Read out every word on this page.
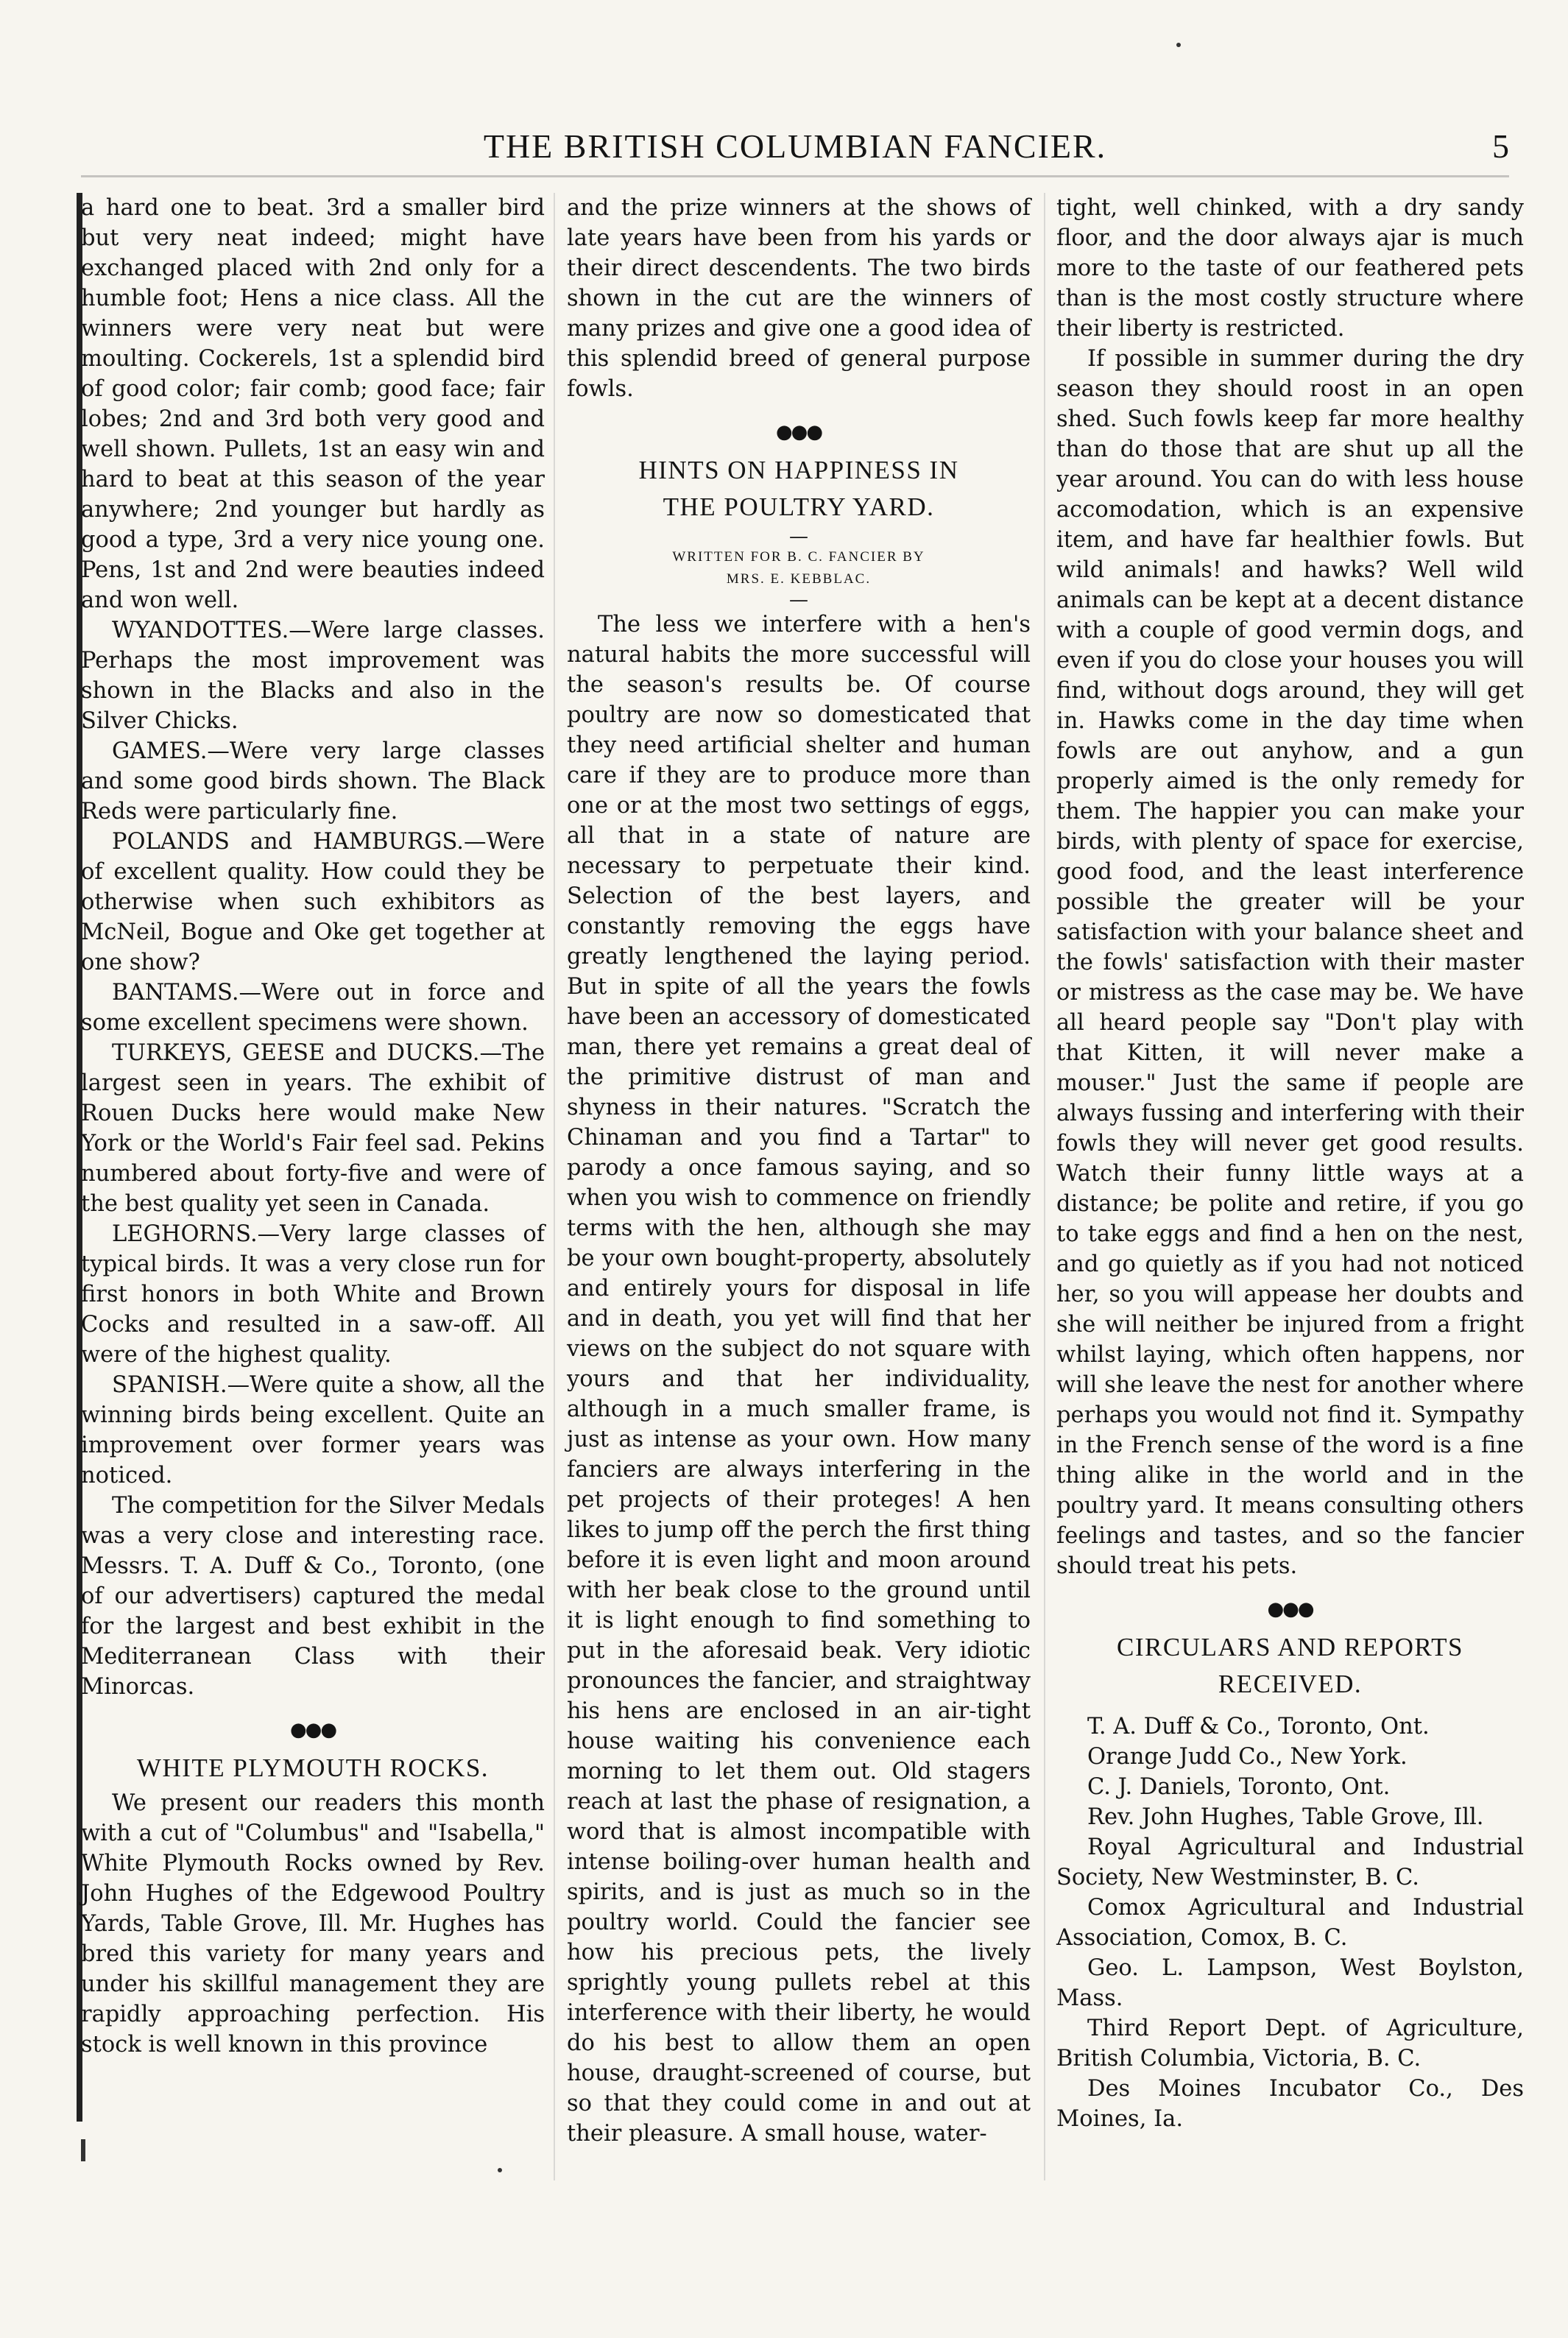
THE BRITISH COLUMBIAN FANCIER.	5

a hard one to beat. 3rd a smaller bird but very neat indeed; might have exchanged placed with 2nd only for a humble foot; Hens a nice class. All the winners were very neat but were moulting. Cockerels, 1st a splendid bird of good color; fair comb; good face; fair lobes; 2nd and 3rd both very good and well shown. Pullets, 1st an easy win and hard to beat at this season of the year anywhere; 2nd younger but hardly as good a type, 3rd a very nice young one. Pens, 1st and 2nd were beauties indeed and won well.

WYANDOTTES.—Were large classes. Perhaps the most improvement was shown in the Blacks and also in the Silver Chicks.

GAMES.—Were very large classes and some good birds shown. The Black Reds were particularly fine.

POLANDS and HAMBURGS.—Were of excellent quality. How could they be otherwise when such exhibitors as McNeil, Bogue and Oke get together at one show?

BANTAMS.—Were out in force and some excellent specimens were shown.

TURKEYS, GEESE and DUCKS.—The largest seen in years. The exhibit of Rouen Ducks here would make New York or the World's Fair feel sad. Pekins numbered about forty-five and were of the best quality yet seen in Canada.

LEGHORNS.—Very large classes of typical birds. It was a very close run for first honors in both White and Brown Cocks and resulted in a saw-off. All were of the highest quality.

SPANISH.—Were quite a show, all the winning birds being excellent. Quite an improvement over former years was noticed.

The competition for the Silver Medals was a very close and interesting race. Messrs. T. A. Duff & Co., Toronto, (one of our advertisers) captured the medal for the largest and best exhibit in the Mediterranean Class with their Minorcas.

●●●
WHITE PLYMOUTH ROCKS.

We present our readers this month with a cut of "Columbus" and "Isabella," White Plymouth Rocks owned by Rev. John Hughes of the Edgewood Poultry Yards, Table Grove, Ill. Mr. Hughes has bred this variety for many years and under his skillful management they are rapidly approaching perfection. His stock is well known in this province

and the prize winners at the shows of late years have been from his yards or their direct descendents. The two birds shown in the cut are the winners of many prizes and give one a good idea of this splendid breed of general purpose fowls.

●●●
HINTS ON HAPPINESS IN
THE POULTRY YARD.
—
WRITTEN FOR B. C. FANCIER BY
MRS. E. KEBBLAC.
—

The less we interfere with a hen's natural habits the more successful will the season's results be. Of course poultry are now so domesticated that they need artificial shelter and human care if they are to produce more than one or at the most two settings of eggs, all that in a state of nature are necessary to perpetuate their kind. Selection of the best layers, and constantly removing the eggs have greatly lengthened the laying period. But in spite of all the years the fowls have been an accessory of domesticated man, there yet remains a great deal of the primitive distrust of man and shyness in their natures. "Scratch the Chinaman and you find a Tartar" to parody a once famous saying, and so when you wish to commence on friendly terms with the hen, although she may be your own bought-property, absolutely and entirely yours for disposal in life and in death, you yet will find that her views on the subject do not square with yours and that her individuality, although in a much smaller frame, is just as intense as your own. How many fanciers are always interfering in the pet projects of their proteges! A hen likes to jump off the perch the first thing before it is even light and moon around with her beak close to the ground until it is light enough to find something to put in the aforesaid beak. Very idiotic pronounces the fancier, and straightway his hens are enclosed in an air-tight house waiting his convenience each morning to let them out. Old stagers reach at last the phase of resignation, a word that is almost incompatible with intense boiling-over human health and spirits, and is just as much so in the poultry world. Could the fancier see how his precious pets, the lively sprightly young pullets rebel at this interference with their liberty, he would do his best to allow them an open house, draught-screened of course, but so that they could come in and out at their pleasure. A small house, water-

tight, well chinked, with a dry sandy floor, and the door always ajar is much more to the taste of our feathered pets than is the most costly structure where their liberty is restricted.

If possible in summer during the dry season they should roost in an open shed. Such fowls keep far more healthy than do those that are shut up all the year around. You can do with less house accomodation, which is an expensive item, and have far healthier fowls. But wild animals! and hawks? Well wild animals can be kept at a decent distance with a couple of good vermin dogs, and even if you do close your houses you will find, without dogs around, they will get in. Hawks come in the day time when fowls are out anyhow, and a gun properly aimed is the only remedy for them. The happier you can make your birds, with plenty of space for exercise, good food, and the least interference possible the greater will be your satisfaction with your balance sheet and the fowls' satisfaction with their master or mistress as the case may be. We have all heard people say "Don't play with that Kitten, it will never make a mouser." Just the same if people are always fussing and interfering with their fowls they will never get good results. Watch their funny little ways at a distance; be polite and retire, if you go to take eggs and find a hen on the nest, and go quietly as if you had not noticed her, so you will appease her doubts and she will neither be injured from a fright whilst laying, which often happens, nor will she leave the nest for another where perhaps you would not find it. Sympathy in the French sense of the word is a fine thing alike in the world and in the poultry yard. It means consulting others feelings and tastes, and so the fancier should treat his pets.

●●●
CIRCULARS AND REPORTS
RECEIVED.

T. A. Duff & Co., Toronto, Ont.

Orange Judd Co., New York.

C. J. Daniels, Toronto, Ont.

Rev. John Hughes, Table Grove, Ill.

Royal Agricultural and Industrial Society, New Westminster, B. C.

Comox Agricultural and Industrial Association, Comox, B. C.

Geo. L. Lampson, West Boylston, Mass.

Third Report Dept. of Agriculture, British Columbia, Victoria, B. C.

Des Moines Incubator Co., Des Moines, Ia.
